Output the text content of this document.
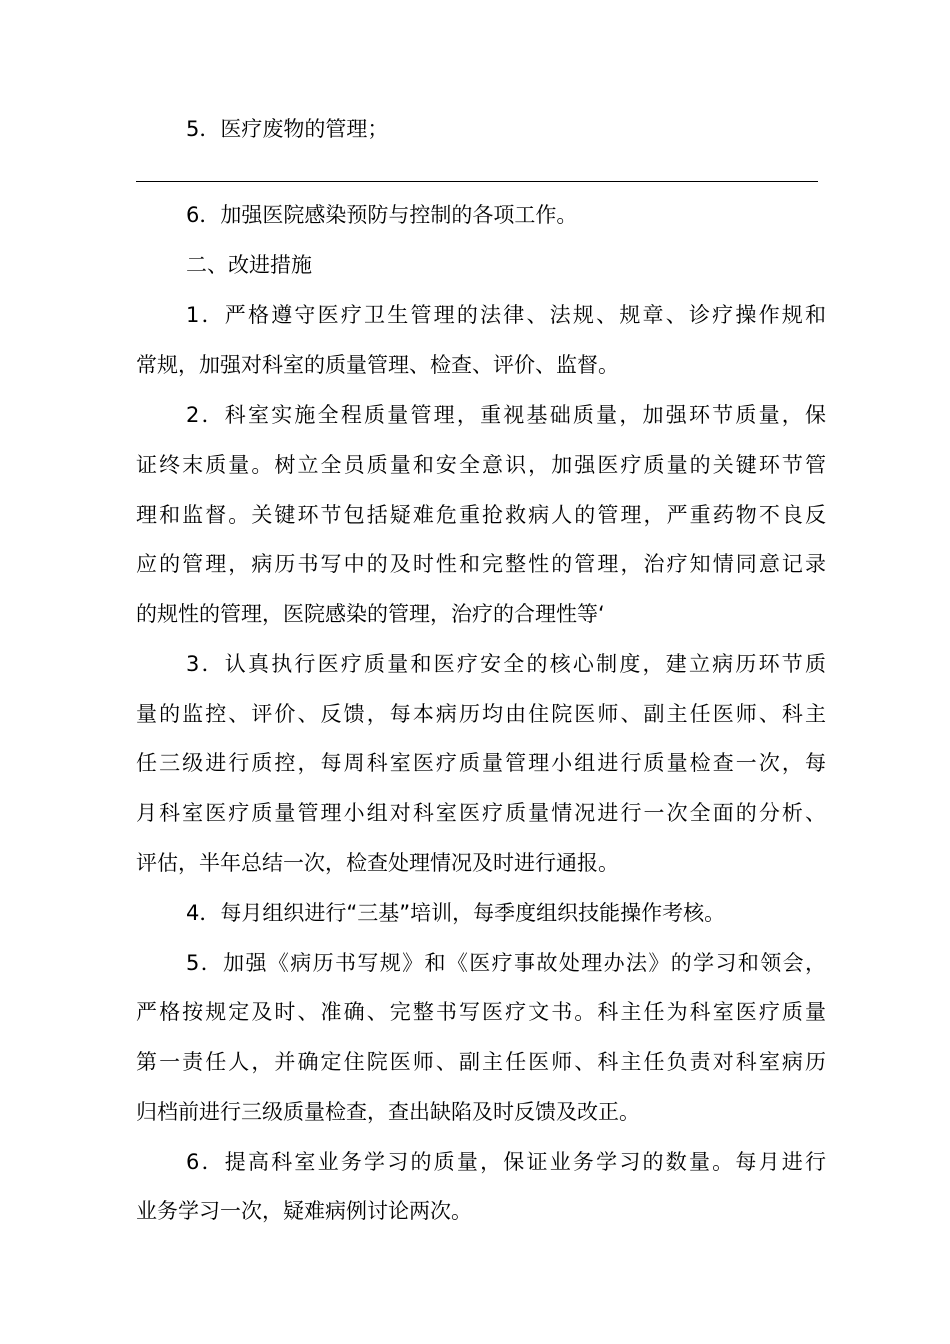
5．医疗废物的管理；
6．加强医院感染预防与控制的各项工作。
二、改进措施
1．严格遵守医疗卫生管理的法律、法规、规章、诊疗操作规和
常规，加强对科室的质量管理、检查、评价、监督。
2．科室实施全程质量管理，重视基础质量，加强环节质量，保
证终末质量。树立全员质量和安全意识，加强医疗质量的关键环节管
理和监督。关键环节包括疑难危重抢救病人的管理，严重药物不良反
应的管理，病历书写中的及时性和完整性的管理，治疗知情同意记录
的规性的管理，医院感染的管理，治疗的合理性等‘
3．认真执行医疗质量和医疗安全的核心制度，建立病历环节质
量的监控、评价、反馈，每本病历均由住院医师、副主任医师、科主
任三级进行质控，每周科室医疗质量管理小组进行质量检查一次，每
月科室医疗质量管理小组对科室医疗质量情况进行一次全面的分析、
评估，半年总结一次，检查处理情况及时进行通报。
4．每月组织进行“三基”培训，每季度组织技能操作考核。
5．加强《病历书写规》和《医疗事故处理办法》的学习和领会，
严格按规定及时、准确、完整书写医疗文书。科主任为科室医疗质量
第一责任人，并确定住院医师、副主任医师、科主任负责对科室病历
归档前进行三级质量检查，查出缺陷及时反馈及改正。
6．提高科室业务学习的质量，保证业务学习的数量。每月进行
业务学习一次，疑难病例讨论两次。
